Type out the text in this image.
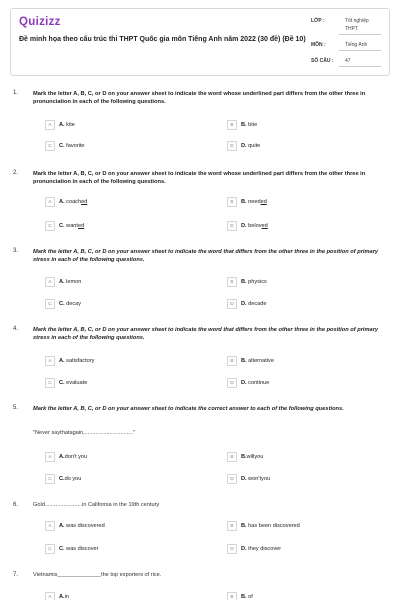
Quizizz
Đề minh họa theo cấu trúc thi THPT Quốc gia môn Tiếng Anh năm 2022 (30 đề) (Đề 10)
LỚP :	Tốt nghiệp
THPT
MÔN :	Tiếng Anh
SỐ CÂU : 47
1.	Mark the letter A, B, C, or D on your answer sheet to indicate the word whose underlined part differs from the other three in pronunciation in each of the following questions.
A	A. kite	B	B. bite
C	C. favorite	D	D. quite
2.	Mark the letter A, B, C, or D on your answer sheet to indicate the word whose underlined part differs from the other three in pronunciation in each of the following questions.
A	A. coached	B	B. needed
C	C. wanted	D	D. beloved
3.	Mark the letter A, B, C, or D on your answer sheet to indicate the word that differs from the other three in the position of primary stress in each of the following questions.
A	A. lemon	B	B. physics
C	C. decay	D	D. decade
4.	Mark the letter A, B, C, or D on your answer sheet to indicate the word that differs from the other three in the position of primary stress in each of the following questions.
A	A. satisfactory	B	B. alternative
C	C. evaluate	D	D. continue
5.	Mark the letter A, B, C, or D on your answer sheet to indicate the correct answer to each of the following questions.
"Never saythatagain,..............................."
A	A.don't you	B	B.willyou
C	C.do you	D	D. won'tyou
6.	Gold........................in California in the 19th century
A	A. was discovered	B	B. has been discovered
C	C. was discover	D	D. they discover
7.	Vietnamis______________the top exporters of rice.
A	A.in	B	B. of
